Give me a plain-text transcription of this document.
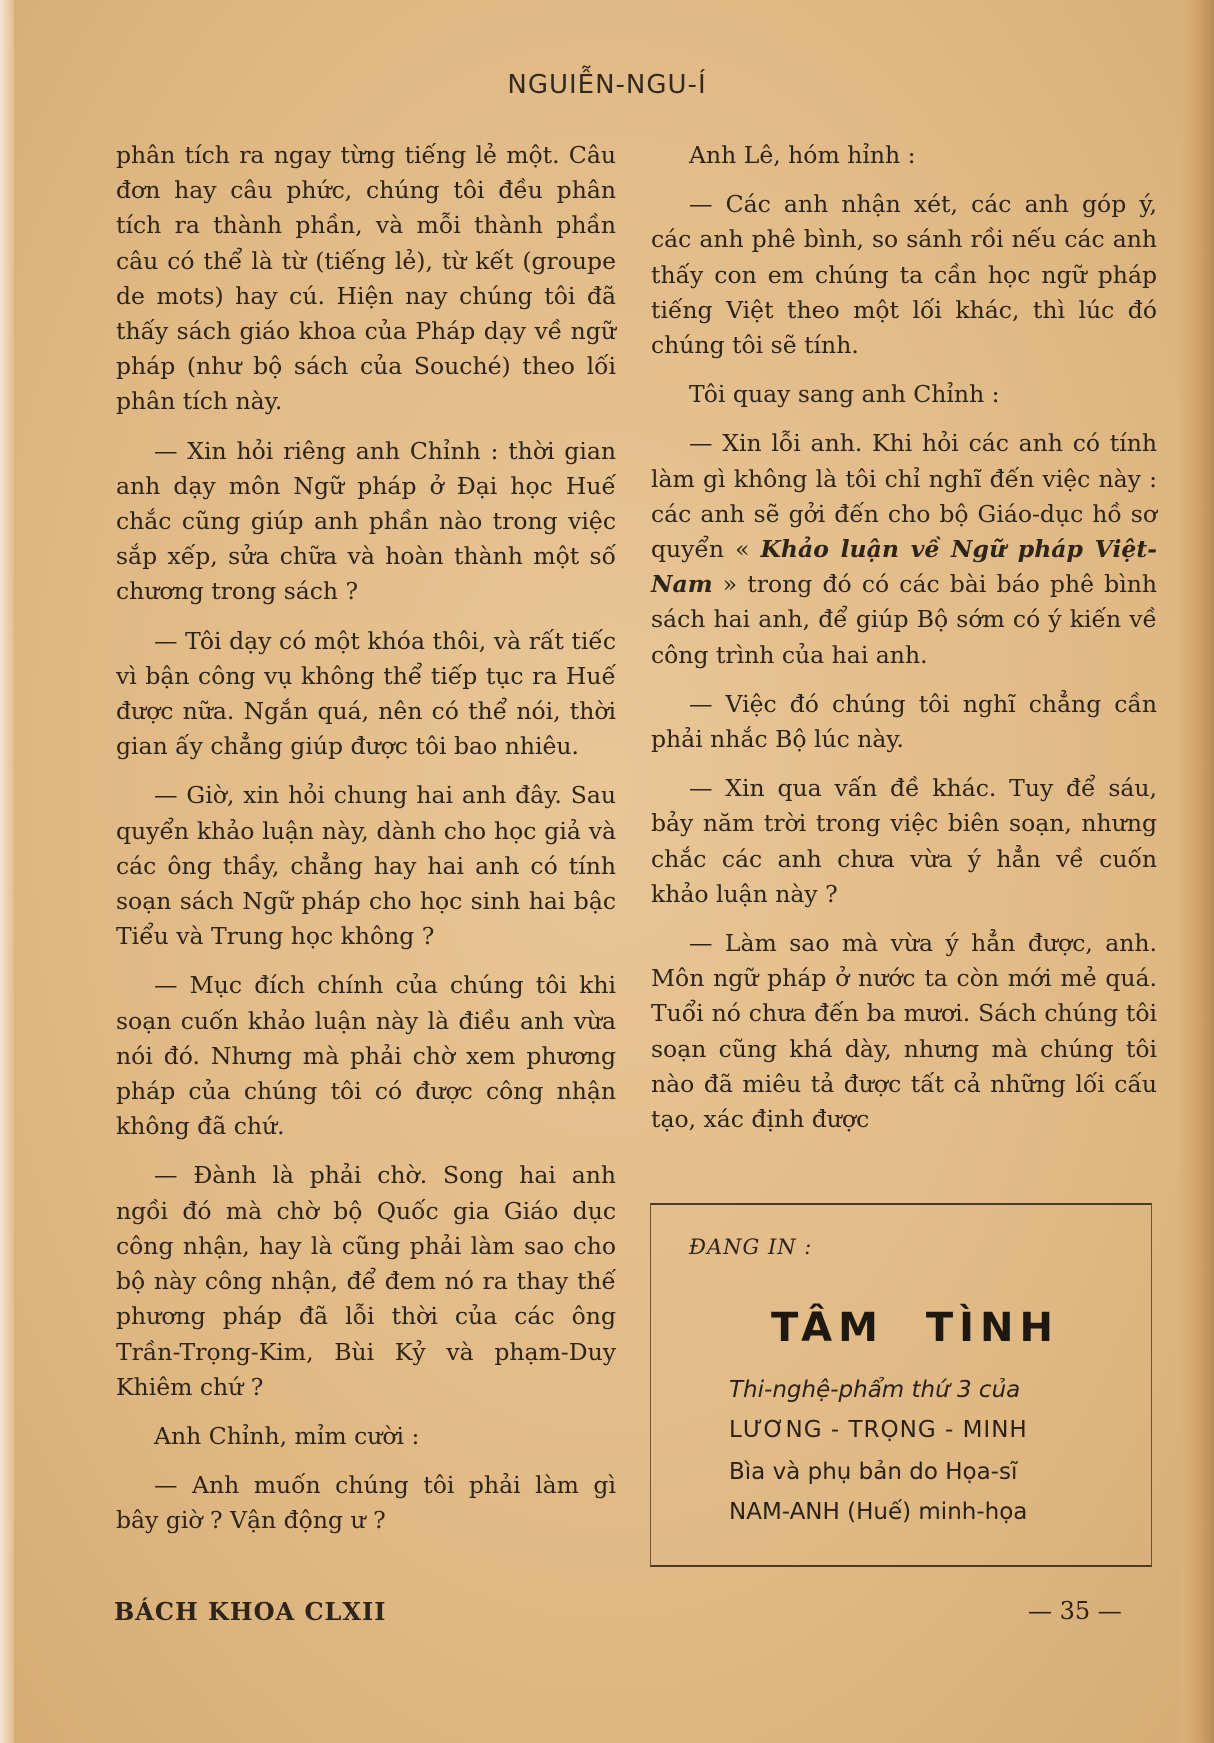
NGUIỄN-NGU-Í

phân tích ra ngay từng tiếng lẻ một. Câu đơn hay câu phức, chúng tôi đều phân tích ra thành phần, và mỗi thành phần câu có thể là từ (tiếng lẻ), từ kết (groupe de mots) hay cú. Hiện nay chúng tôi đã thấy sách giáo khoa của Pháp dạy về ngữ pháp (như bộ sách của Souché) theo lối phân tích này.

— Xin hỏi riêng anh Chỉnh : thời gian anh dạy môn Ngữ pháp ở Đại học Huế chắc cũng giúp anh phần nào trong việc sắp xếp, sửa chữa và hoàn thành một số chương trong sách ?

— Tôi dạy có một khóa thôi, và rất tiếc vì bận công vụ không thể tiếp tục ra Huế được nữa. Ngắn quá, nên có thể nói, thời gian ấy chẳng giúp được tôi bao nhiêu.

— Giờ, xin hỏi chung hai anh đây. Sau quyển khảo luận này, dành cho học giả và các ông thầy, chẳng hay hai anh có tính soạn sách Ngữ pháp cho học sinh hai bậc Tiểu và Trung học không ?

— Mục đích chính của chúng tôi khi soạn cuốn khảo luận này là điều anh vừa nói đó. Nhưng mà phải chờ xem phương pháp của chúng tôi có được công nhận không đã chứ.

— Đành là phải chờ. Song hai anh ngồi đó mà chờ bộ Quốc gia Giáo dục công nhận, hay là cũng phải làm sao cho bộ này công nhận, để đem nó ra thay thế phương pháp đã lỗi thời của các ông Trần-Trọng-Kim, Bùi Kỷ và phạm-Duy Khiêm chứ ?

Anh Chỉnh, mỉm cười :

— Anh muốn chúng tôi phải làm gì bây giờ ? Vận động ư ?

Anh Lê, hóm hỉnh :

— Các anh nhận xét, các anh góp ý, các anh phê bình, so sánh rồi nếu các anh thấy con em chúng ta cần học ngữ pháp tiếng Việt theo một lối khác, thì lúc đó chúng tôi sẽ tính.

Tôi quay sang anh Chỉnh :

— Xin lỗi anh. Khi hỏi các anh có tính làm gì không là tôi chỉ nghĩ đến việc này : các anh sẽ gởi đến cho bộ Giáo-dục hồ sơ quyển « Khảo luận về Ngữ pháp Việt-Nam » trong đó có các bài báo phê bình sách hai anh, để giúp Bộ sớm có ý kiến về công trình của hai anh.

— Việc đó chúng tôi nghĩ chẳng cần phải nhắc Bộ lúc này.

— Xin qua vấn đề khác. Tuy để sáu, bảy năm trời trong việc biên soạn, nhưng chắc các anh chưa vừa ý hẳn về cuốn khảo luận này ?

— Làm sao mà vừa ý hẳn được, anh. Môn ngữ pháp ở nước ta còn mới mẻ quá. Tuổi nó chưa đến ba mươi. Sách chúng tôi soạn cũng khá dày, nhưng mà chúng tôi nào đã miêu tả được tất cả những lối cấu tạo, xác định được

ĐANG IN :
TÂM TÌNH
Thi-nghệ-phẩm thứ 3 của
LƯƠNG - TRỌNG - MINH
Bìa và phụ bản do Họa-sĩ
NAM-ANH (Huế) minh-họa
BÁCH KHOA CLXII	— 35 —
